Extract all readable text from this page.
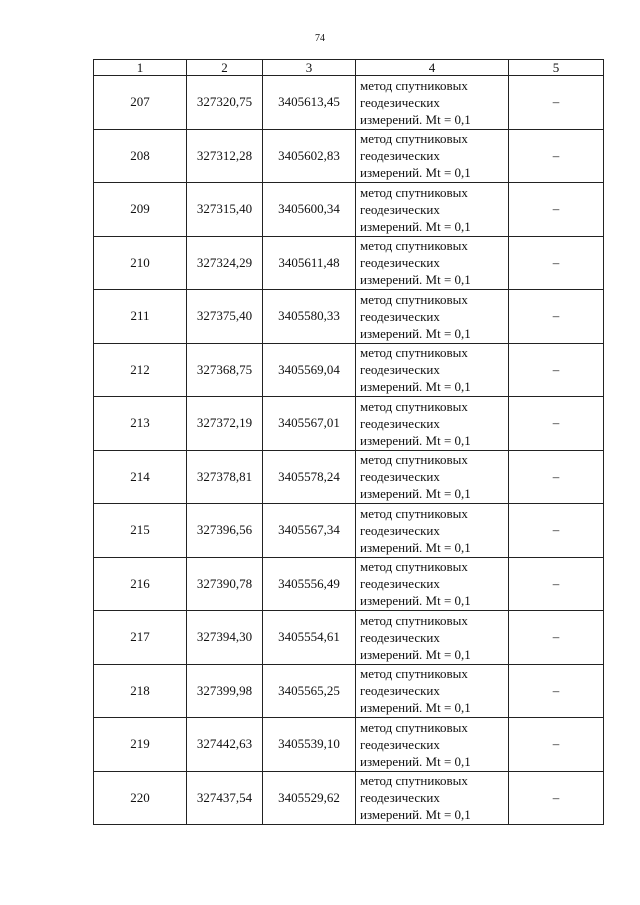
74
1	2	3	4	5
207	327320,75	3405613,45	метод спутниковых
геодезических
измерений. Mt = 0,1	–
208	327312,28	3405602,83	метод спутниковых
геодезических
измерений. Mt = 0,1	–
209	327315,40	3405600,34	метод спутниковых
геодезических
измерений. Mt = 0,1	–
210	327324,29	3405611,48	метод спутниковых
геодезических
измерений. Mt = 0,1	–
211	327375,40	3405580,33	метод спутниковых
геодезических
измерений. Mt = 0,1	–
212	327368,75	3405569,04	метод спутниковых
геодезических
измерений. Mt = 0,1	–
213	327372,19	3405567,01	метод спутниковых
геодезических
измерений. Mt = 0,1	–
214	327378,81	3405578,24	метод спутниковых
геодезических
измерений. Mt = 0,1	–
215	327396,56	3405567,34	метод спутниковых
геодезических
измерений. Mt = 0,1	–
216	327390,78	3405556,49	метод спутниковых
геодезических
измерений. Mt = 0,1	–
217	327394,30	3405554,61	метод спутниковых
геодезических
измерений. Mt = 0,1	–
218	327399,98	3405565,25	метод спутниковых
геодезических
измерений. Mt = 0,1	–
219	327442,63	3405539,10	метод спутниковых
геодезических
измерений. Mt = 0,1	–
220	327437,54	3405529,62	метод спутниковых
геодезических
измерений. Mt = 0,1	–
